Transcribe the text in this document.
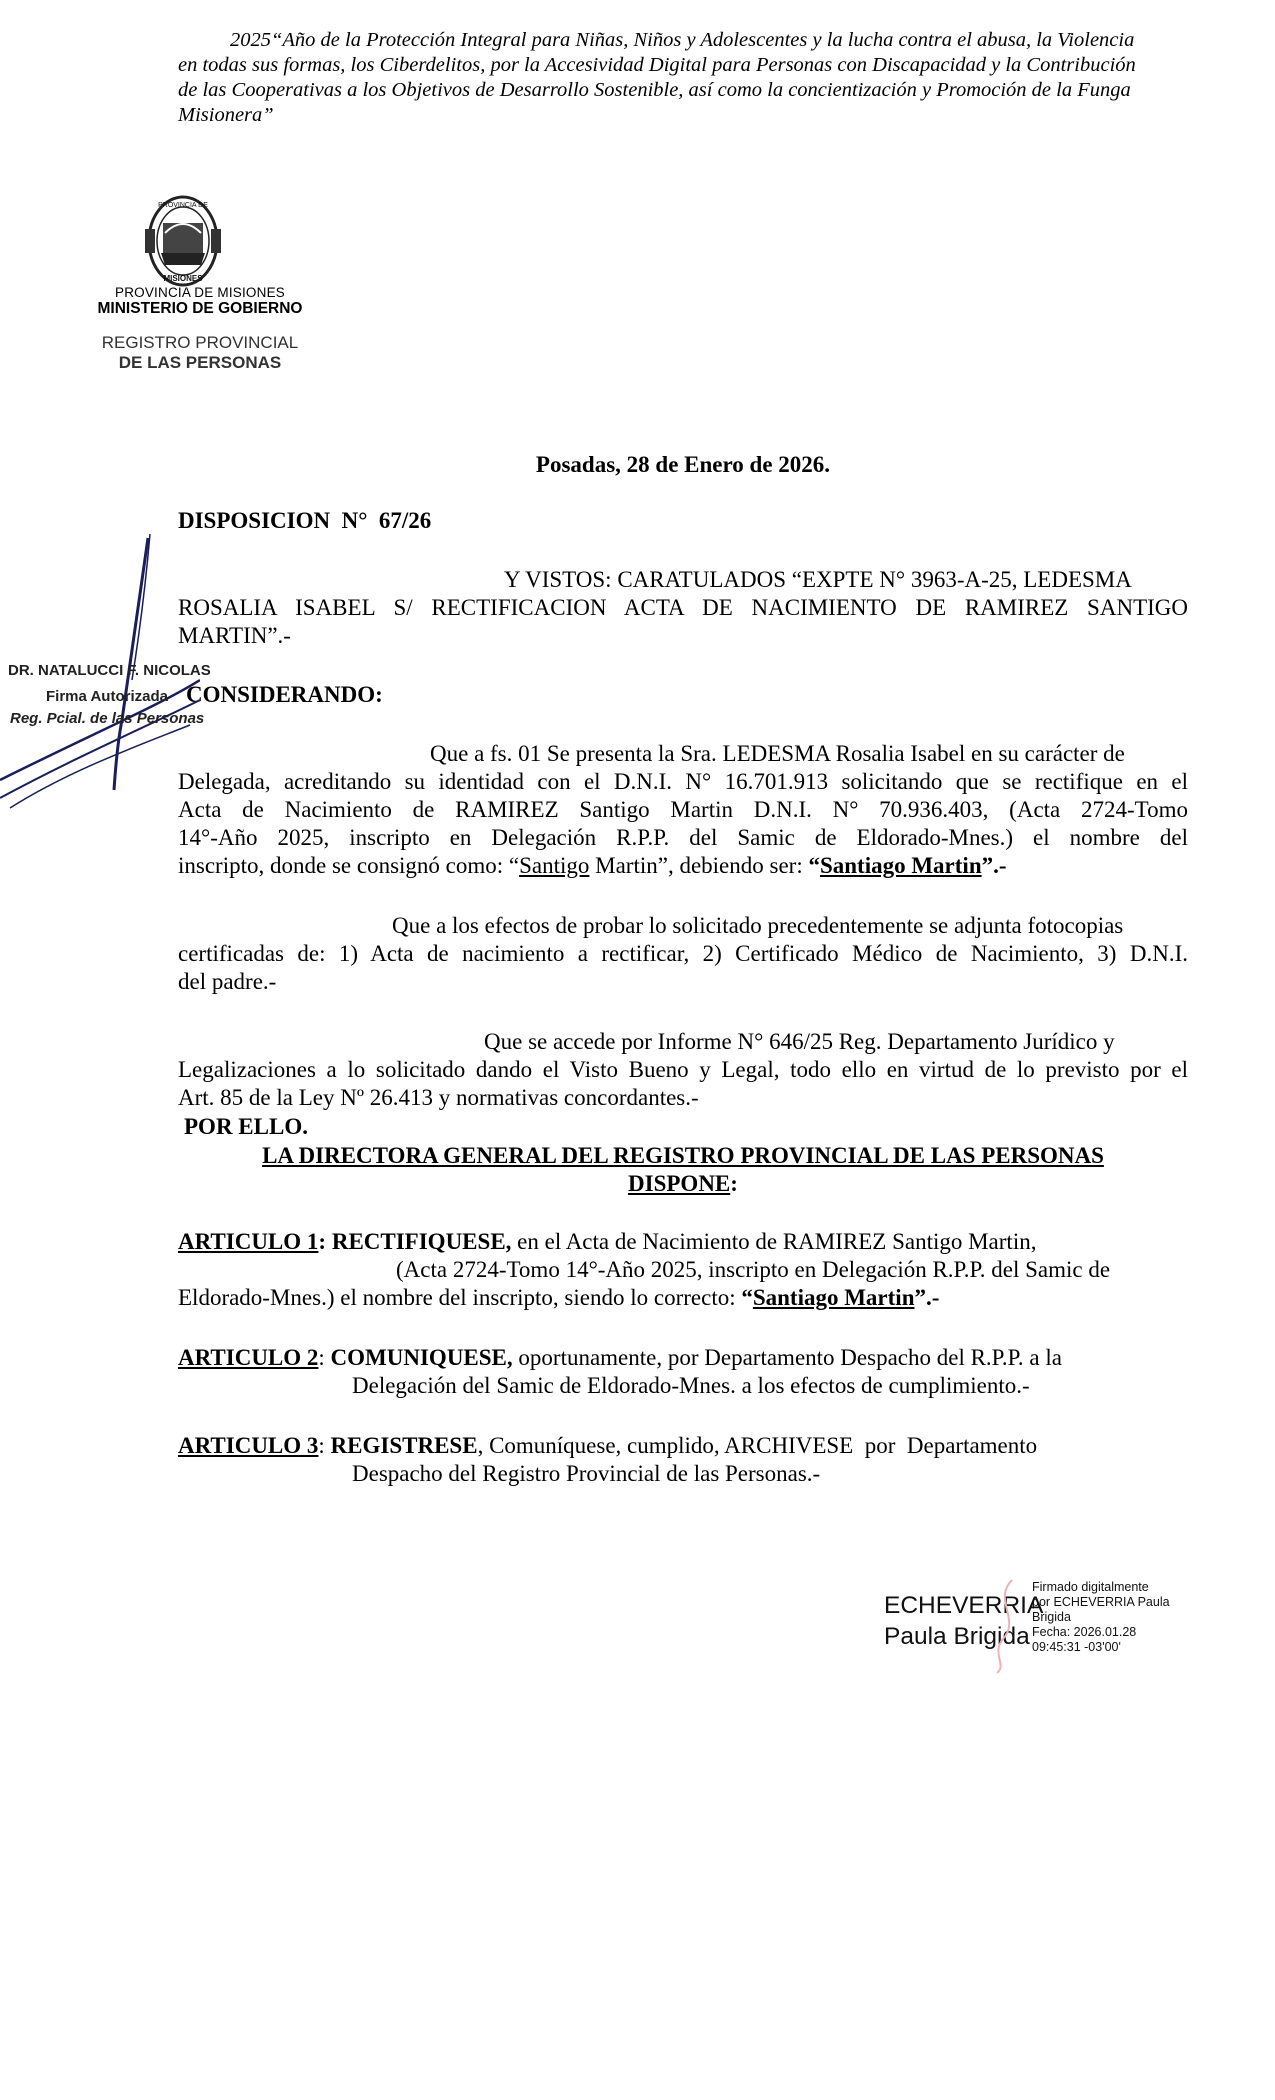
2025“Año de la Protección Integral para Niñas, Niños y Adolescentes y la lucha contra el abusa, la Violencia
en todas sus formas, los Ciberdelitos, por la Accesividad Digital para Personas con Discapacidad y la Contribución
de las Cooperativas a los Objetivos de Desarrollo Sostenible, así como la concientización y Promoción de la Funga
Misionera”
PROVINCIA DE
MISIONES
PROVINCIA DE MISIONES
MINISTERIO DE GOBIERNO
REGISTRO PROVINCIAL
DE LAS PERSONAS
Posadas, 28 de Enero de 2026.
DISPOSICION  N°  67/26
Y VISTOS: CARATULADOS “EXPTE N° 3963-A-25, LEDESMA
ROSALIA ISABEL S/ RECTIFICACION ACTA DE NACIMIENTO DE RAMIREZ SANTIGO
MARTIN”.-
CONSIDERANDO:
Que a fs. 01 Se presenta la Sra. LEDESMA Rosalia Isabel en su carácter de
Delegada, acreditando su identidad con el D.N.I. N° 16.701.913 solicitando que se rectifique en el
Acta de Nacimiento de RAMIREZ Santigo Martin D.N.I. N° 70.936.403, (Acta 2724-Tomo
14°-Año 2025, inscripto en Delegación R.P.P. del Samic de Eldorado-Mnes.) el nombre del
inscripto, donde se consignó como: “Santigo Martin”, debiendo ser: “Santiago Martin”.-
Que a los efectos de probar lo solicitado precedentemente se adjunta fotocopias
certificadas de: 1) Acta de nacimiento a rectificar, 2) Certificado Médico de Nacimiento, 3) D.N.I.
del padre.-
Que se accede por Informe N° 646/25 Reg. Departamento Jurídico y
Legalizaciones a lo solicitado dando el Visto Bueno y Legal, todo ello en virtud de lo previsto por el
Art. 85 de la Ley Nº 26.413 y normativas concordantes.-
POR ELLO.
LA DIRECTORA GENERAL DEL REGISTRO PROVINCIAL DE LAS PERSONAS
DISPONE:
ARTICULO 1: RECTIFIQUESE, en el Acta de Nacimiento de RAMIREZ Santigo Martin,
(Acta 2724-Tomo 14°-Año 2025, inscripto en Delegación R.P.P. del Samic de
Eldorado-Mnes.) el nombre del inscripto, siendo lo correcto: “Santiago Martin”.-
ARTICULO 2: COMUNIQUESE, oportunamente, por Departamento Despacho del R.P.P. a la
Delegación del Samic de Eldorado-Mnes. a los efectos de cumplimiento.-
ARTICULO 3: REGISTRESE, Comuníquese, cumplido, ARCHIVESE  por  Departamento
Despacho del Registro Provincial de las Personas.-
DR. NATALUCCI F. NICOLAS
Firma Autorizada
Reg. Pcial. de las Personas
ECHEVERRIA
Paula Brigida
Firmado digitalmente
por ECHEVERRIA Paula
Brigida
Fecha: 2026.01.28
09:45:31 -03'00'
